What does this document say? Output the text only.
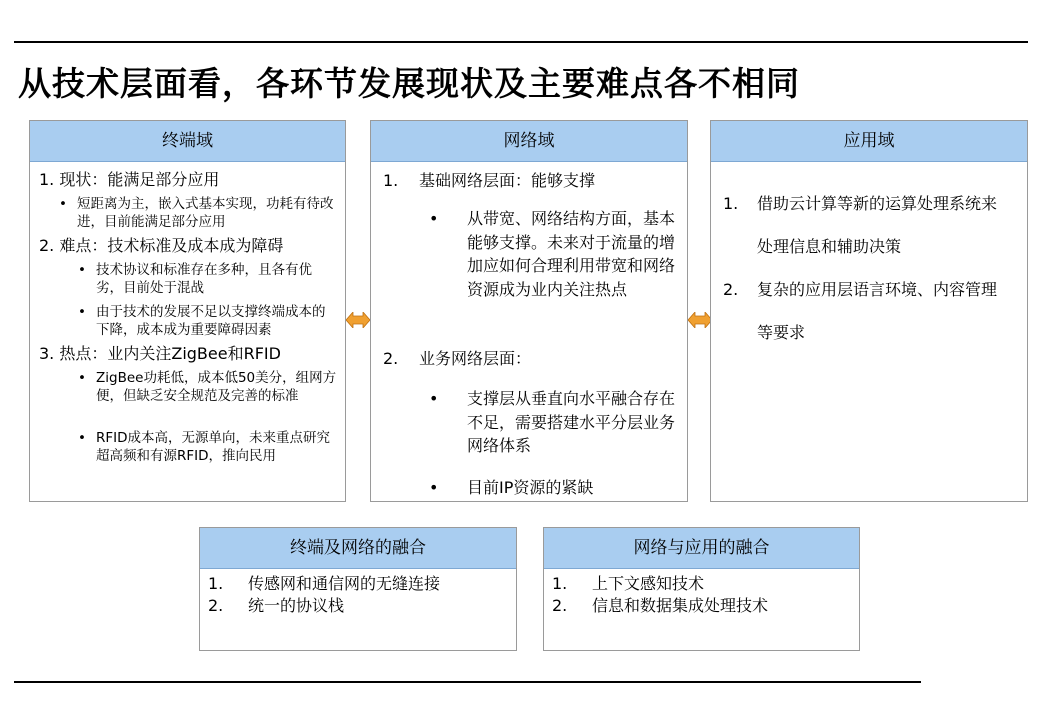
从技术层面看，各环节发展现状及主要难点各不相同
终端域
1. 现状：能满足部分应用
• 短距离为主，嵌入式基本实现，功耗有待改进，目前能满足部分应用
2. 难点：技术标准及成本成为障碍
• 技术协议和标准存在多种，且各有优劣，目前处于混战
• 由于技术的发展不足以支撑终端成本的下降，成本成为重要障碍因素
3. 热点：业内关注ZigBee和RFID
• ZigBee功耗低，成本低50美分，组网方便，但缺乏安全规范及完善的标准
• RFID成本高，无源单向，未来重点研究超高频和有源RFID，推向民用
网络域
1. 基础网络层面：能够支撑
• 从带宽、网络结构方面，基本能够支撑。未来对于流量的增加应如何合理利用带宽和网络资源成为业内关注热点
2. 业务网络层面：
• 支撑层从垂直向水平融合存在不足，需要搭建水平分层业务网络体系
• 目前IP资源的紧缺
应用域
1. 借助云计算等新的运算处理系统来处理信息和辅助决策
2. 复杂的应用层语言环境、内容管理等要求
终端及网络的融合
1. 传感网和通信网的无缝连接
2. 统一的协议栈
网络与应用的融合
1. 上下文感知技术
2. 信息和数据集成处理技术
